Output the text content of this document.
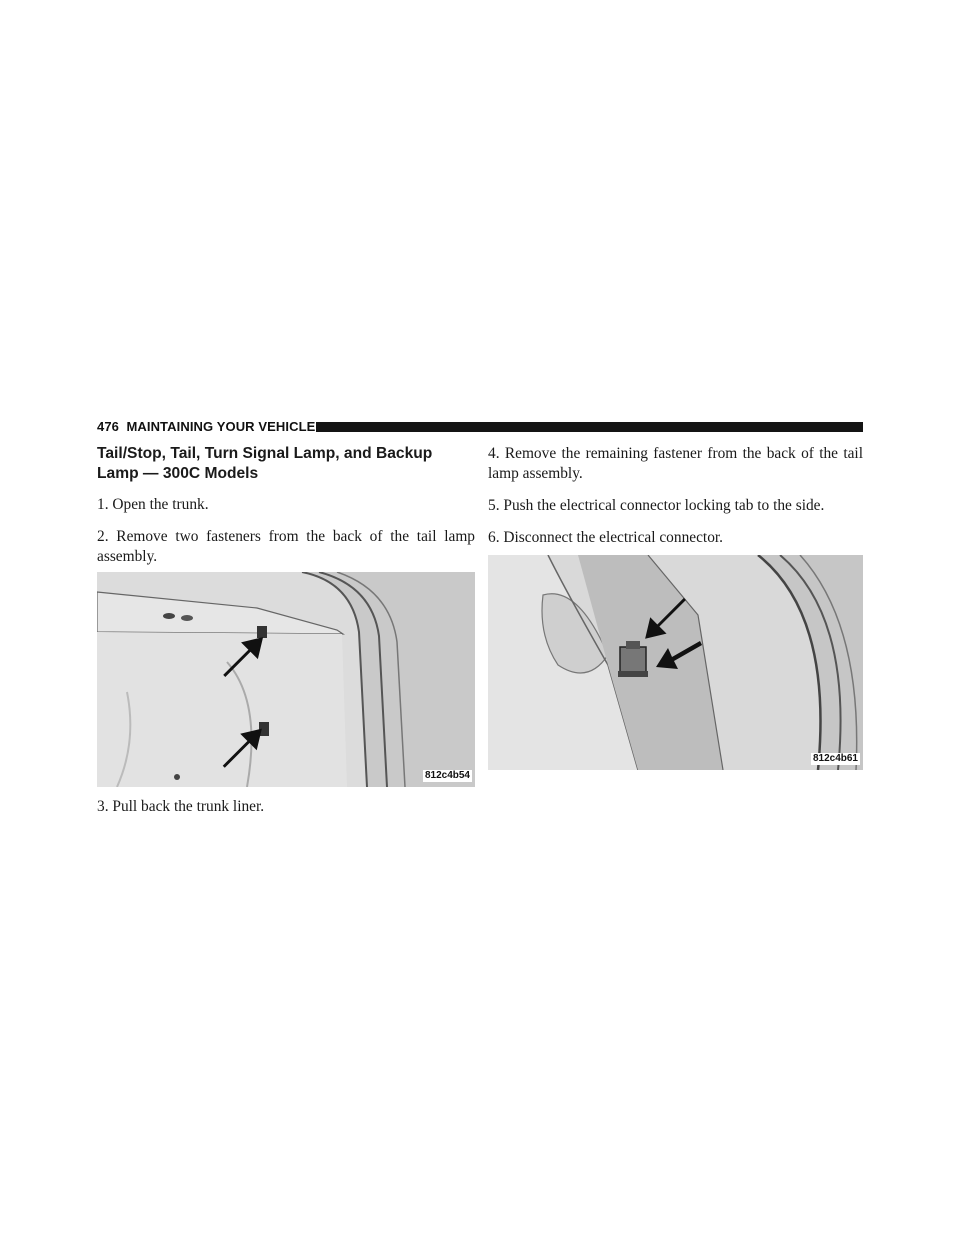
476 MAINTAINING YOUR VEHICLE
Tail/Stop, Tail, Turn Signal Lamp, and Backup Lamp — 300C Models

1. Open the trunk.

2. Remove two fasteners from the back of the tail lamp assembly.

812c4b54

3. Pull back the trunk liner.

4. Remove the remaining fastener from the back of the tail lamp assembly.

5. Push the electrical connector locking tab to the side.

6. Disconnect the electrical connector.

812c4b61
